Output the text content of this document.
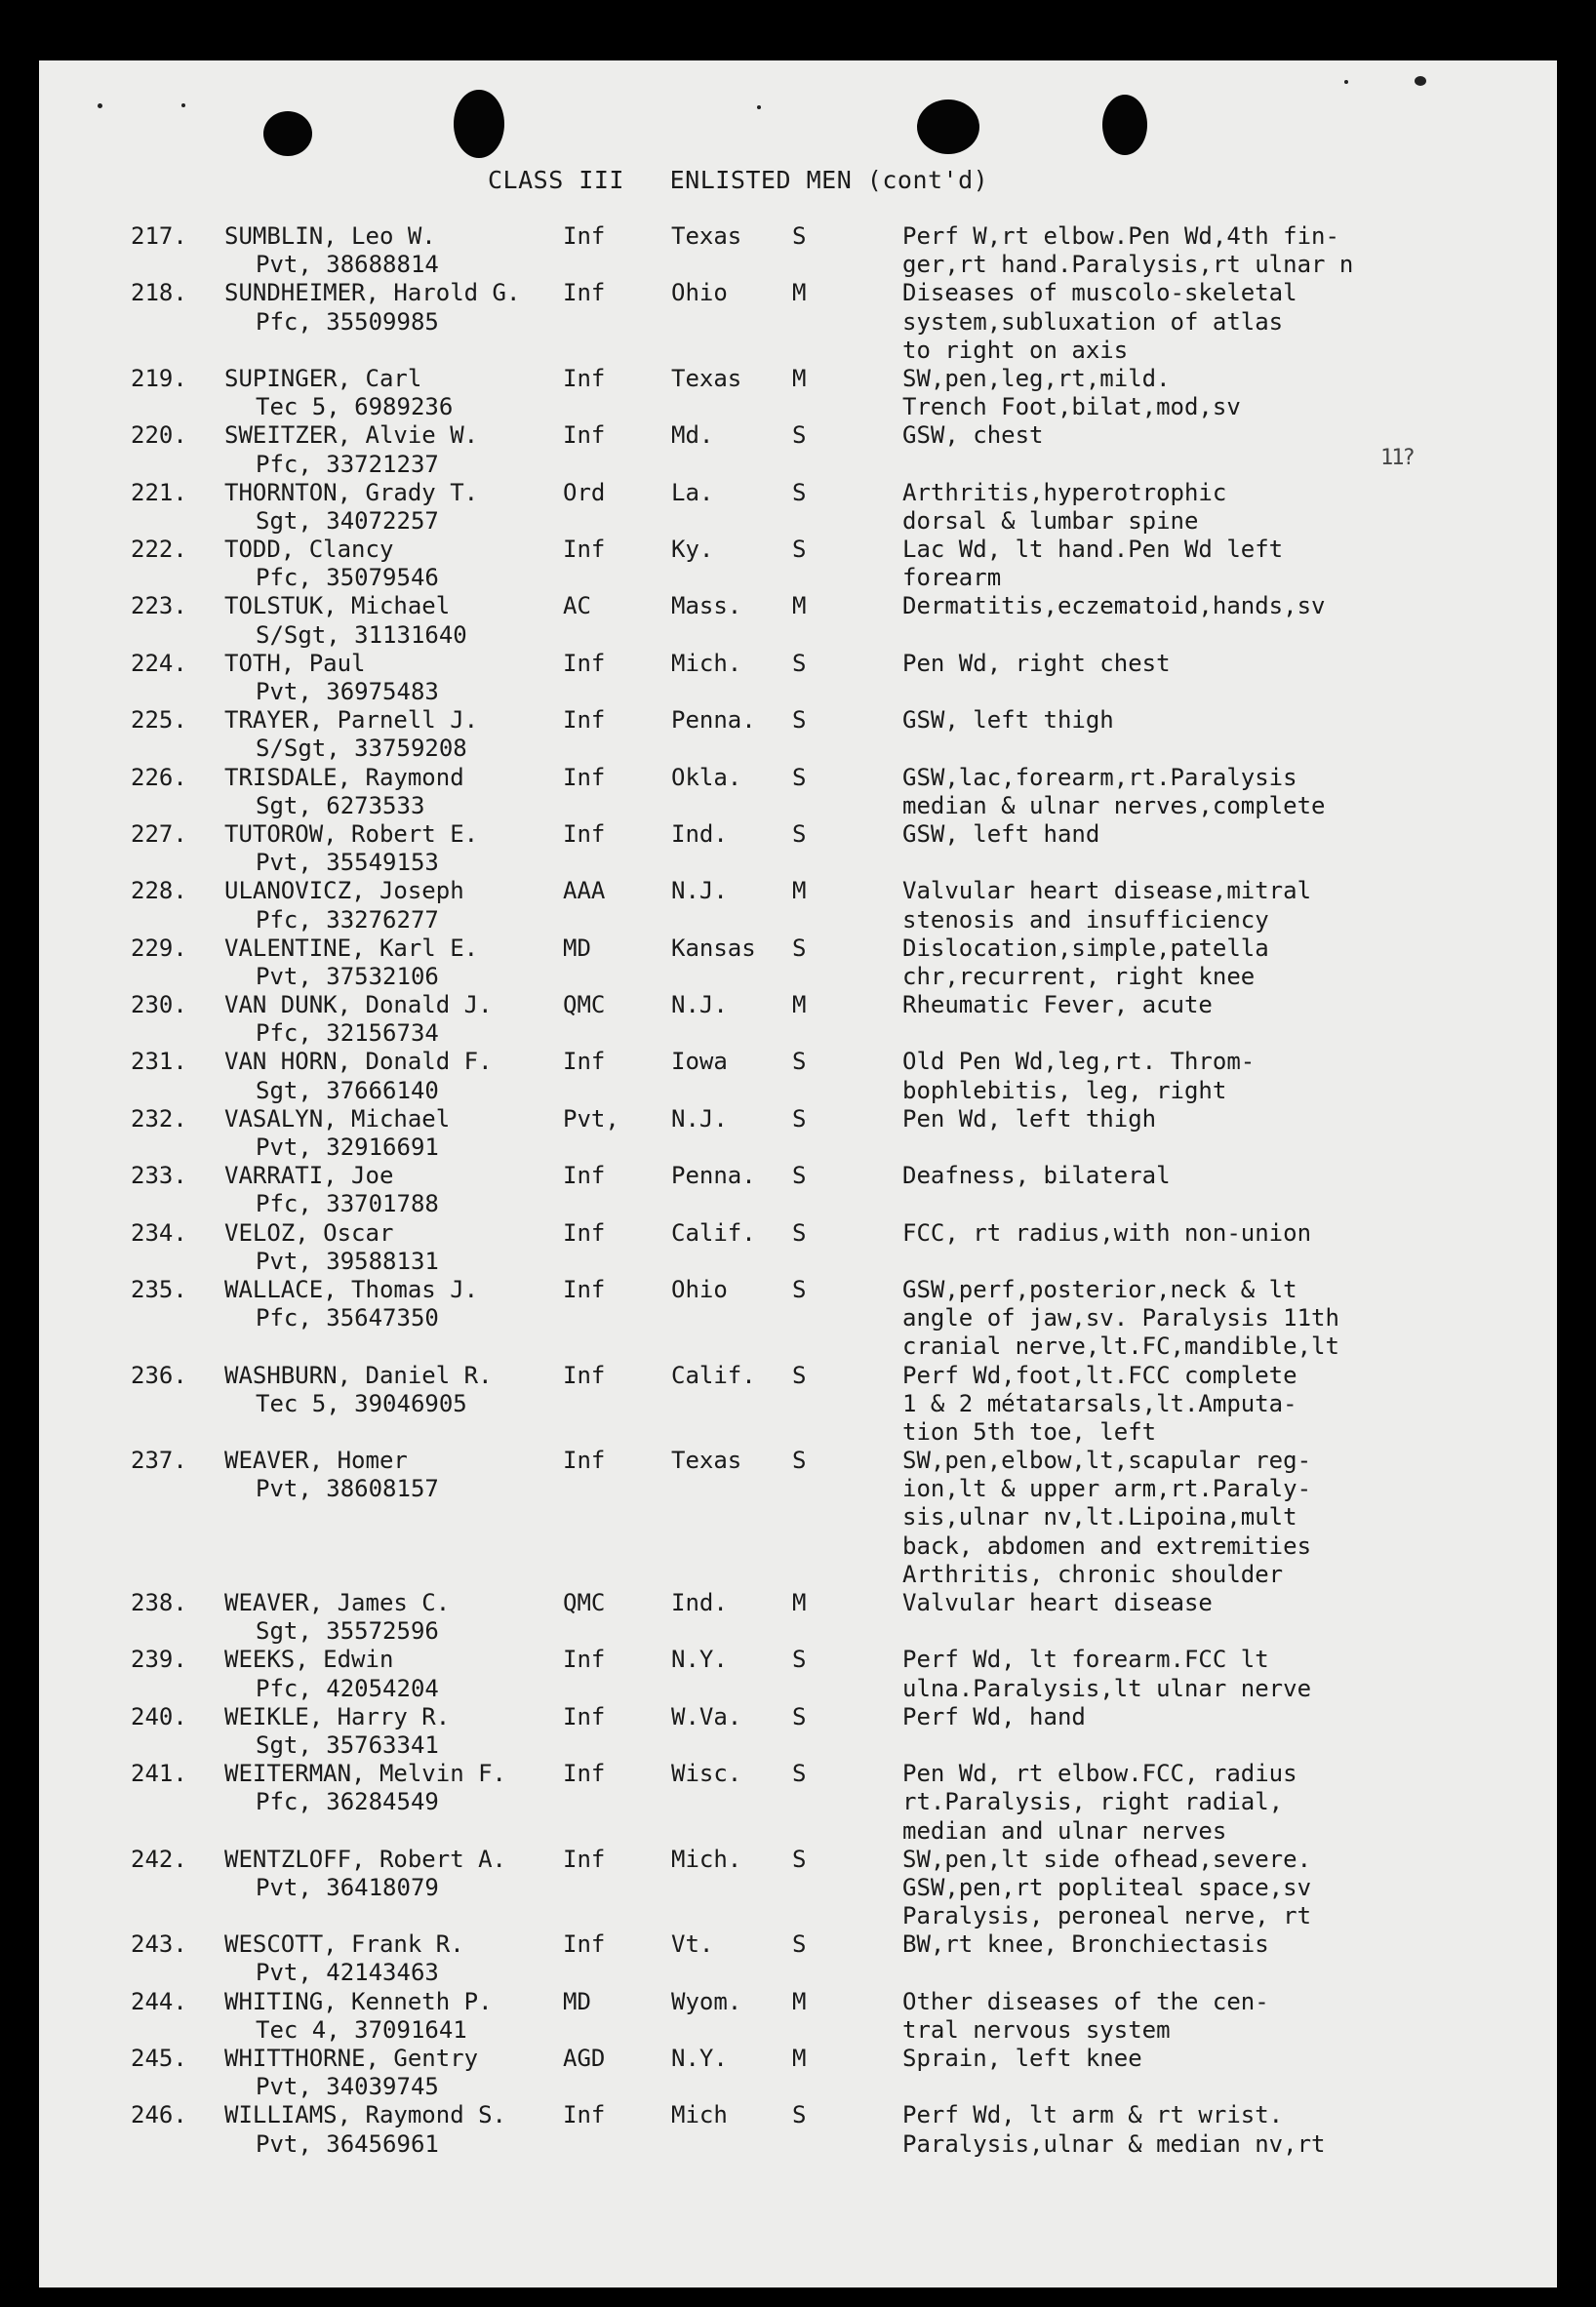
CLASS III ENLISTED MEN (cont'd)
11?
217. SUMBLIN, Leo W.	Inf	Texas S	Perf W,rt elbow.Pen Wd,4th fin-
Pvt, 38688814	ger,rt hand.Paralysis,rt ulnar n
218. SUNDHEIMER, Harold G. Inf	Ohio	M	Diseases of muscolo-skeletal
Pfc, 35509985	system,subluxation of atlas
to right on axis
219. SUPINGER, Carl	Inf	Texas M	SW,pen,leg,rt,mild.
Tec 5, 6989236	Trench Foot,bilat,mod,sv
220. SWEITZER, Alvie W.	Inf	Md.	S	GSW, chest
Pfc, 33721237
221. THORNTON, Grady T.	Ord	La.	S	Arthritis,hyperotrophic
Sgt, 34072257	dorsal & lumbar spine
222. TODD, Clancy	Inf	Ky.	S	Lac Wd, lt hand.Pen Wd left
Pfc, 35079546	forearm
223. TOLSTUK, Michael	AC	Mass. M	Dermatitis,eczematoid,hands,sv
S/Sgt, 31131640
224. TOTH, Paul	Inf	Mich. S	Pen Wd, right chest
Pvt, 36975483
225. TRAYER, Parnell J.	Inf	Penna. S	GSW, left thigh
S/Sgt, 33759208
226. TRISDALE, Raymond	Inf	Okla. S	GSW,lac,forearm,rt.Paralysis
Sgt, 6273533	median & ulnar nerves,complete
227. TUTOROW, Robert E.	Inf	Ind.	S	GSW, left hand
Pvt, 35549153
228. ULANOVICZ, Joseph	AAA	N.J.	M	Valvular heart disease,mitral
Pfc, 33276277	stenosis and insufficiency
229. VALENTINE, Karl E.	MD	Kansas S	Dislocation,simple,patella
Pvt, 37532106	chr,recurrent, right knee
230. VAN DUNK, Donald J.	QMC	N.J.	M	Rheumatic Fever, acute
Pfc, 32156734
231. VAN HORN, Donald F.	Inf	Iowa	S	Old Pen Wd,leg,rt. Throm-
Sgt, 37666140	bophlebitis, leg, right
232. VASALYN, Michael	Pvt, N.J.	S	Pen Wd, left thigh
Pvt, 32916691
233. VARRATI, Joe	Inf	Penna. S	Deafness, bilateral
Pfc, 33701788
234. VELOZ, Oscar	Inf	Calif. S	FCC, rt radius,with non-union
Pvt, 39588131
235. WALLACE, Thomas J.	Inf	Ohio	S	GSW,perf,posterior,neck & lt
Pfc, 35647350	angle of jaw,sv. Paralysis 11th
cranial nerve,lt.FC,mandible,lt
236. WASHBURN, Daniel R.	Inf	Calif. S	Perf Wd,foot,lt.FCC complete
Tec 5, 39046905	1 & 2 métatarsals,lt.Amputa-
tion 5th toe, left
237. WEAVER, Homer	Inf	Texas S	SW,pen,elbow,lt,scapular reg-
Pvt, 38608157	ion,lt & upper arm,rt.Paraly-
sis,ulnar nv,lt.Lipoina,mult
back, abdomen and extremities
Arthritis, chronic shoulder
238. WEAVER, James C.	QMC	Ind.	M	Valvular heart disease
Sgt, 35572596
239. WEEKS, Edwin	Inf	N.Y.	S	Perf Wd, lt forearm.FCC lt
Pfc, 42054204	ulna.Paralysis,lt ulnar nerve
240. WEIKLE, Harry R.	Inf	W.Va. S	Perf Wd, hand
Sgt, 35763341
241. WEITERMAN, Melvin F. Inf	Wisc. S	Pen Wd, rt elbow.FCC, radius
Pfc, 36284549	rt.Paralysis, right radial,
median and ulnar nerves
242. WENTZLOFF, Robert A. Inf	Mich. S	SW,pen,lt side ofhead,severe.
Pvt, 36418079	GSW,pen,rt popliteal space,sv
Paralysis, peroneal nerve, rt
243. WESCOTT, Frank R.	Inf	Vt.	S	BW,rt knee, Bronchiectasis
Pvt, 42143463
244. WHITING, Kenneth P.	MD	Wyom. M	Other diseases of the cen-
Tec 4, 37091641	tral nervous system
245. WHITTHORNE, Gentry	AGD	N.Y.	M	Sprain, left knee
Pvt, 34039745
246. WILLIAMS, Raymond S. Inf	Mich	S	Perf Wd, lt arm & rt wrist.
Pvt, 36456961	Paralysis,ulnar & median nv,rt
